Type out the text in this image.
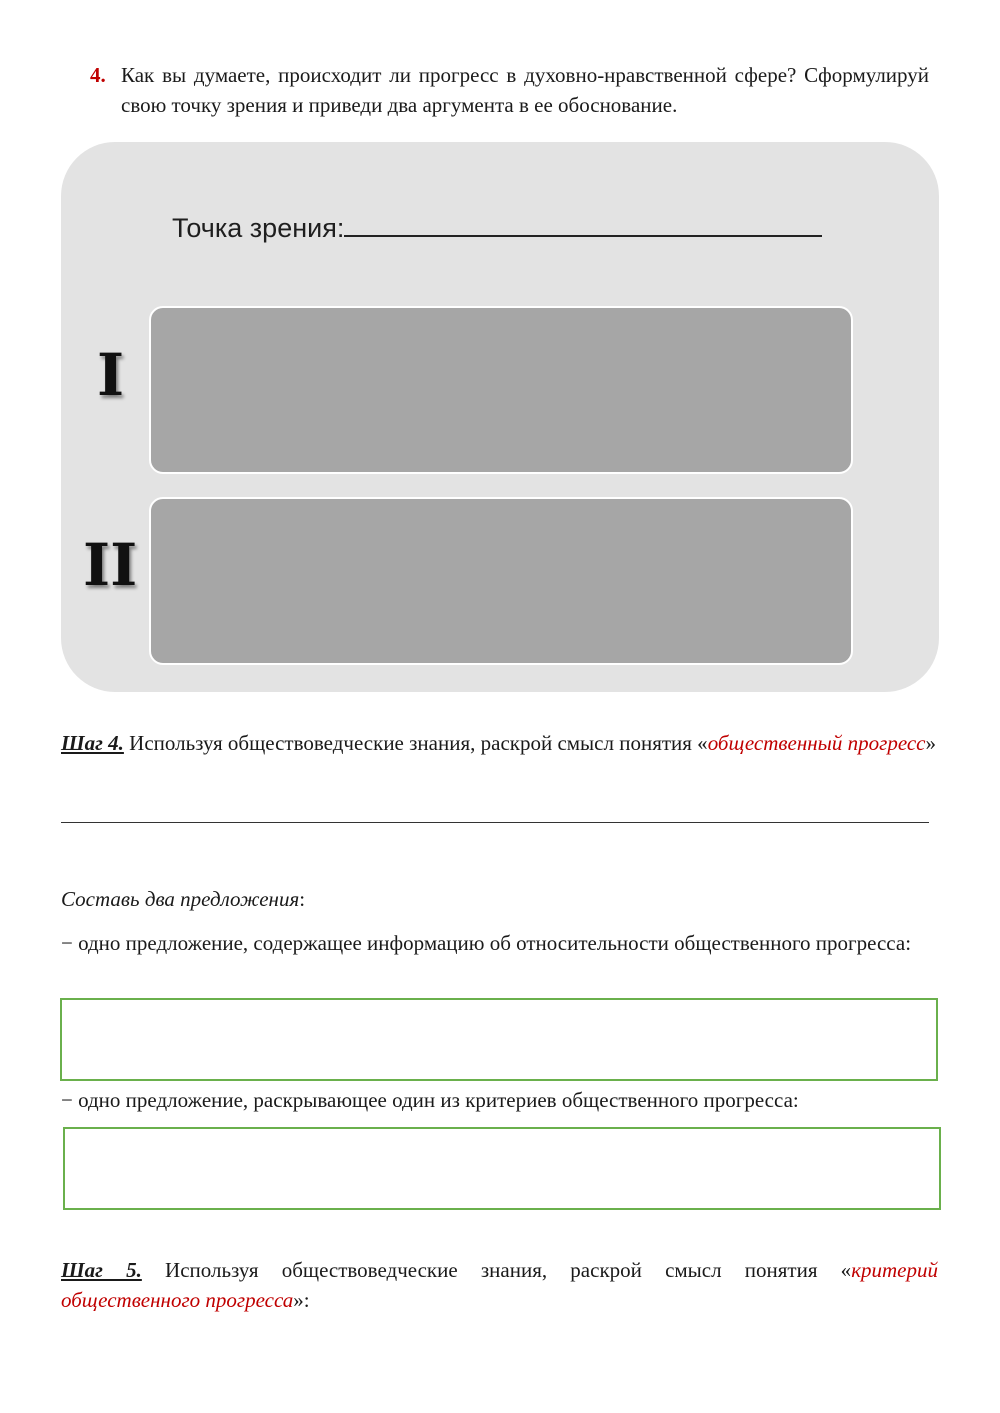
4. Как вы думаете, происходит ли прогресс в духовно-нравственной сфере? Сформулируй свою точку зрения и приведи два аргумента в ее обоснование.
Точка зрения:
I
II
Шаг 4. Используя обществоведческие знания, раскрой смысл понятия «общественный прогресс»
Составь два предложения:
− одно предложение, содержащее информацию об относительности общественного прогресса:
− одно предложение, раскрывающее один из критериев общественного прогресса:
Шаг 5. Используя обществоведческие знания, раскрой смысл понятия «критерий общественного прогресса»:
